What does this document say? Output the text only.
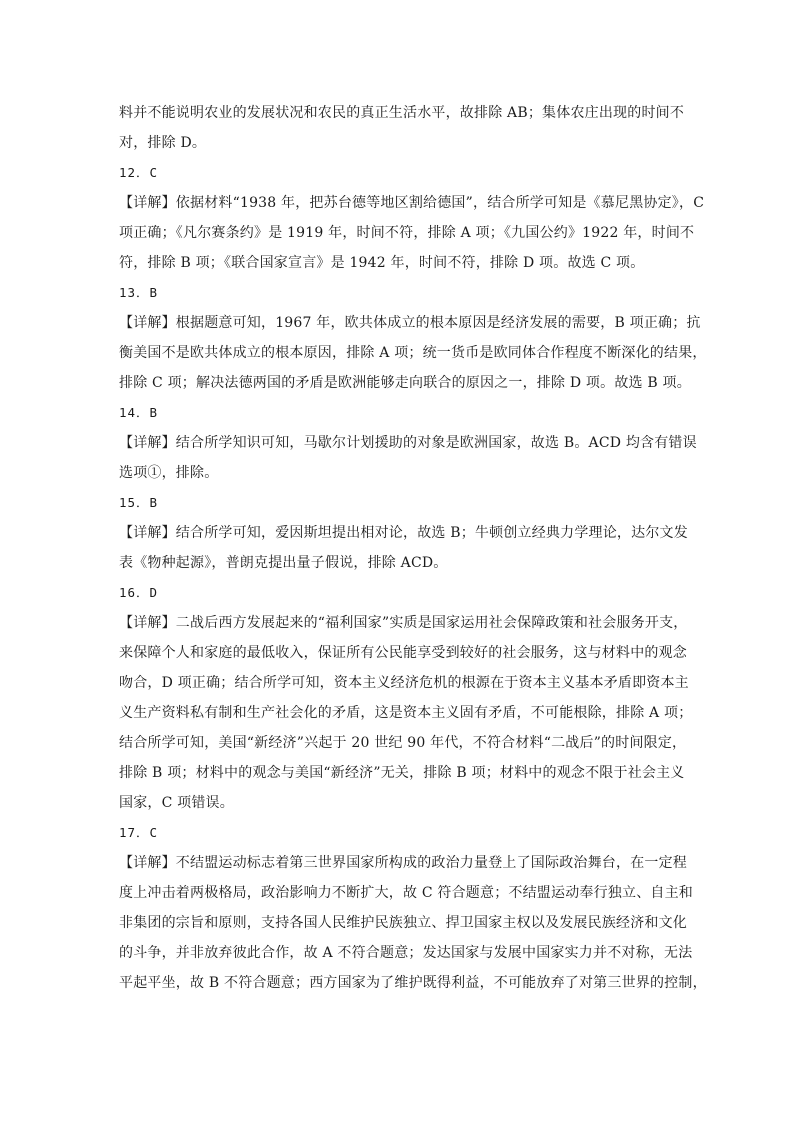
料并不能说明农业的发展状况和农民的真正生活水平，故排除 AB；集体农庄出现的时间不
对，排除 D。
12．C
【详解】依据材料“1938 年，把苏台德等地区割给德国”，结合所学可知是《慕尼黑协定》，C
项正确；《凡尔赛条约》是 1919 年，时间不符，排除 A 项；《九国公约》1922 年，时间不
符，排除 B 项；《联合国家宣言》是 1942 年，时间不符，排除 D 项。故选 C 项。
13．B
【详解】根据题意可知，1967 年，欧共体成立的根本原因是经济发展的需要，B 项正确；抗
衡美国不是欧共体成立的根本原因，排除 A 项；统一货币是欧同体合作程度不断深化的结果，
排除 C 项；解决法德两国的矛盾是欧洲能够走向联合的原因之一，排除 D 项。故选 B 项。
14．B
【详解】结合所学知识可知，马歇尔计划援助的对象是欧洲国家，故选 B。ACD 均含有错误
选项①，排除。
15．B
【详解】结合所学可知，爱因斯坦提出相对论，故选 B；牛顿创立经典力学理论，达尔文发
表《物种起源》，普朗克提出量子假说，排除 ACD。
16．D
【详解】二战后西方发展起来的“福利国家”实质是国家运用社会保障政策和社会服务开支，
来保障个人和家庭的最低收入，保证所有公民能享受到较好的社会服务，这与材料中的观念
吻合，D 项正确；结合所学可知，资本主义经济危机的根源在于资本主义基本矛盾即资本主
义生产资料私有制和生产社会化的矛盾，这是资本主义固有矛盾，不可能根除，排除 A 项；
结合所学可知，美国“新经济”兴起于 20 世纪 90 年代，不符合材料“二战后”的时间限定，
排除 B 项；材料中的观念与美国“新经济”无关，排除 B 项；材料中的观念不限于社会主义
国家，C 项错误。
17．C
【详解】不结盟运动标志着第三世界国家所构成的政治力量登上了国际政治舞台，在一定程
度上冲击着两极格局，政治影响力不断扩大，故 C 符合题意；不结盟运动奉行独立、自主和
非集团的宗旨和原则，支持各国人民维护民族独立、捍卫国家主权以及发展民族经济和文化
的斗争，并非放弃彼此合作，故 A 不符合题意；发达国家与发展中国家实力并不对称，无法
平起平坐，故 B 不符合题意；西方国家为了维护既得利益，不可能放弃了对第三世界的控制，
